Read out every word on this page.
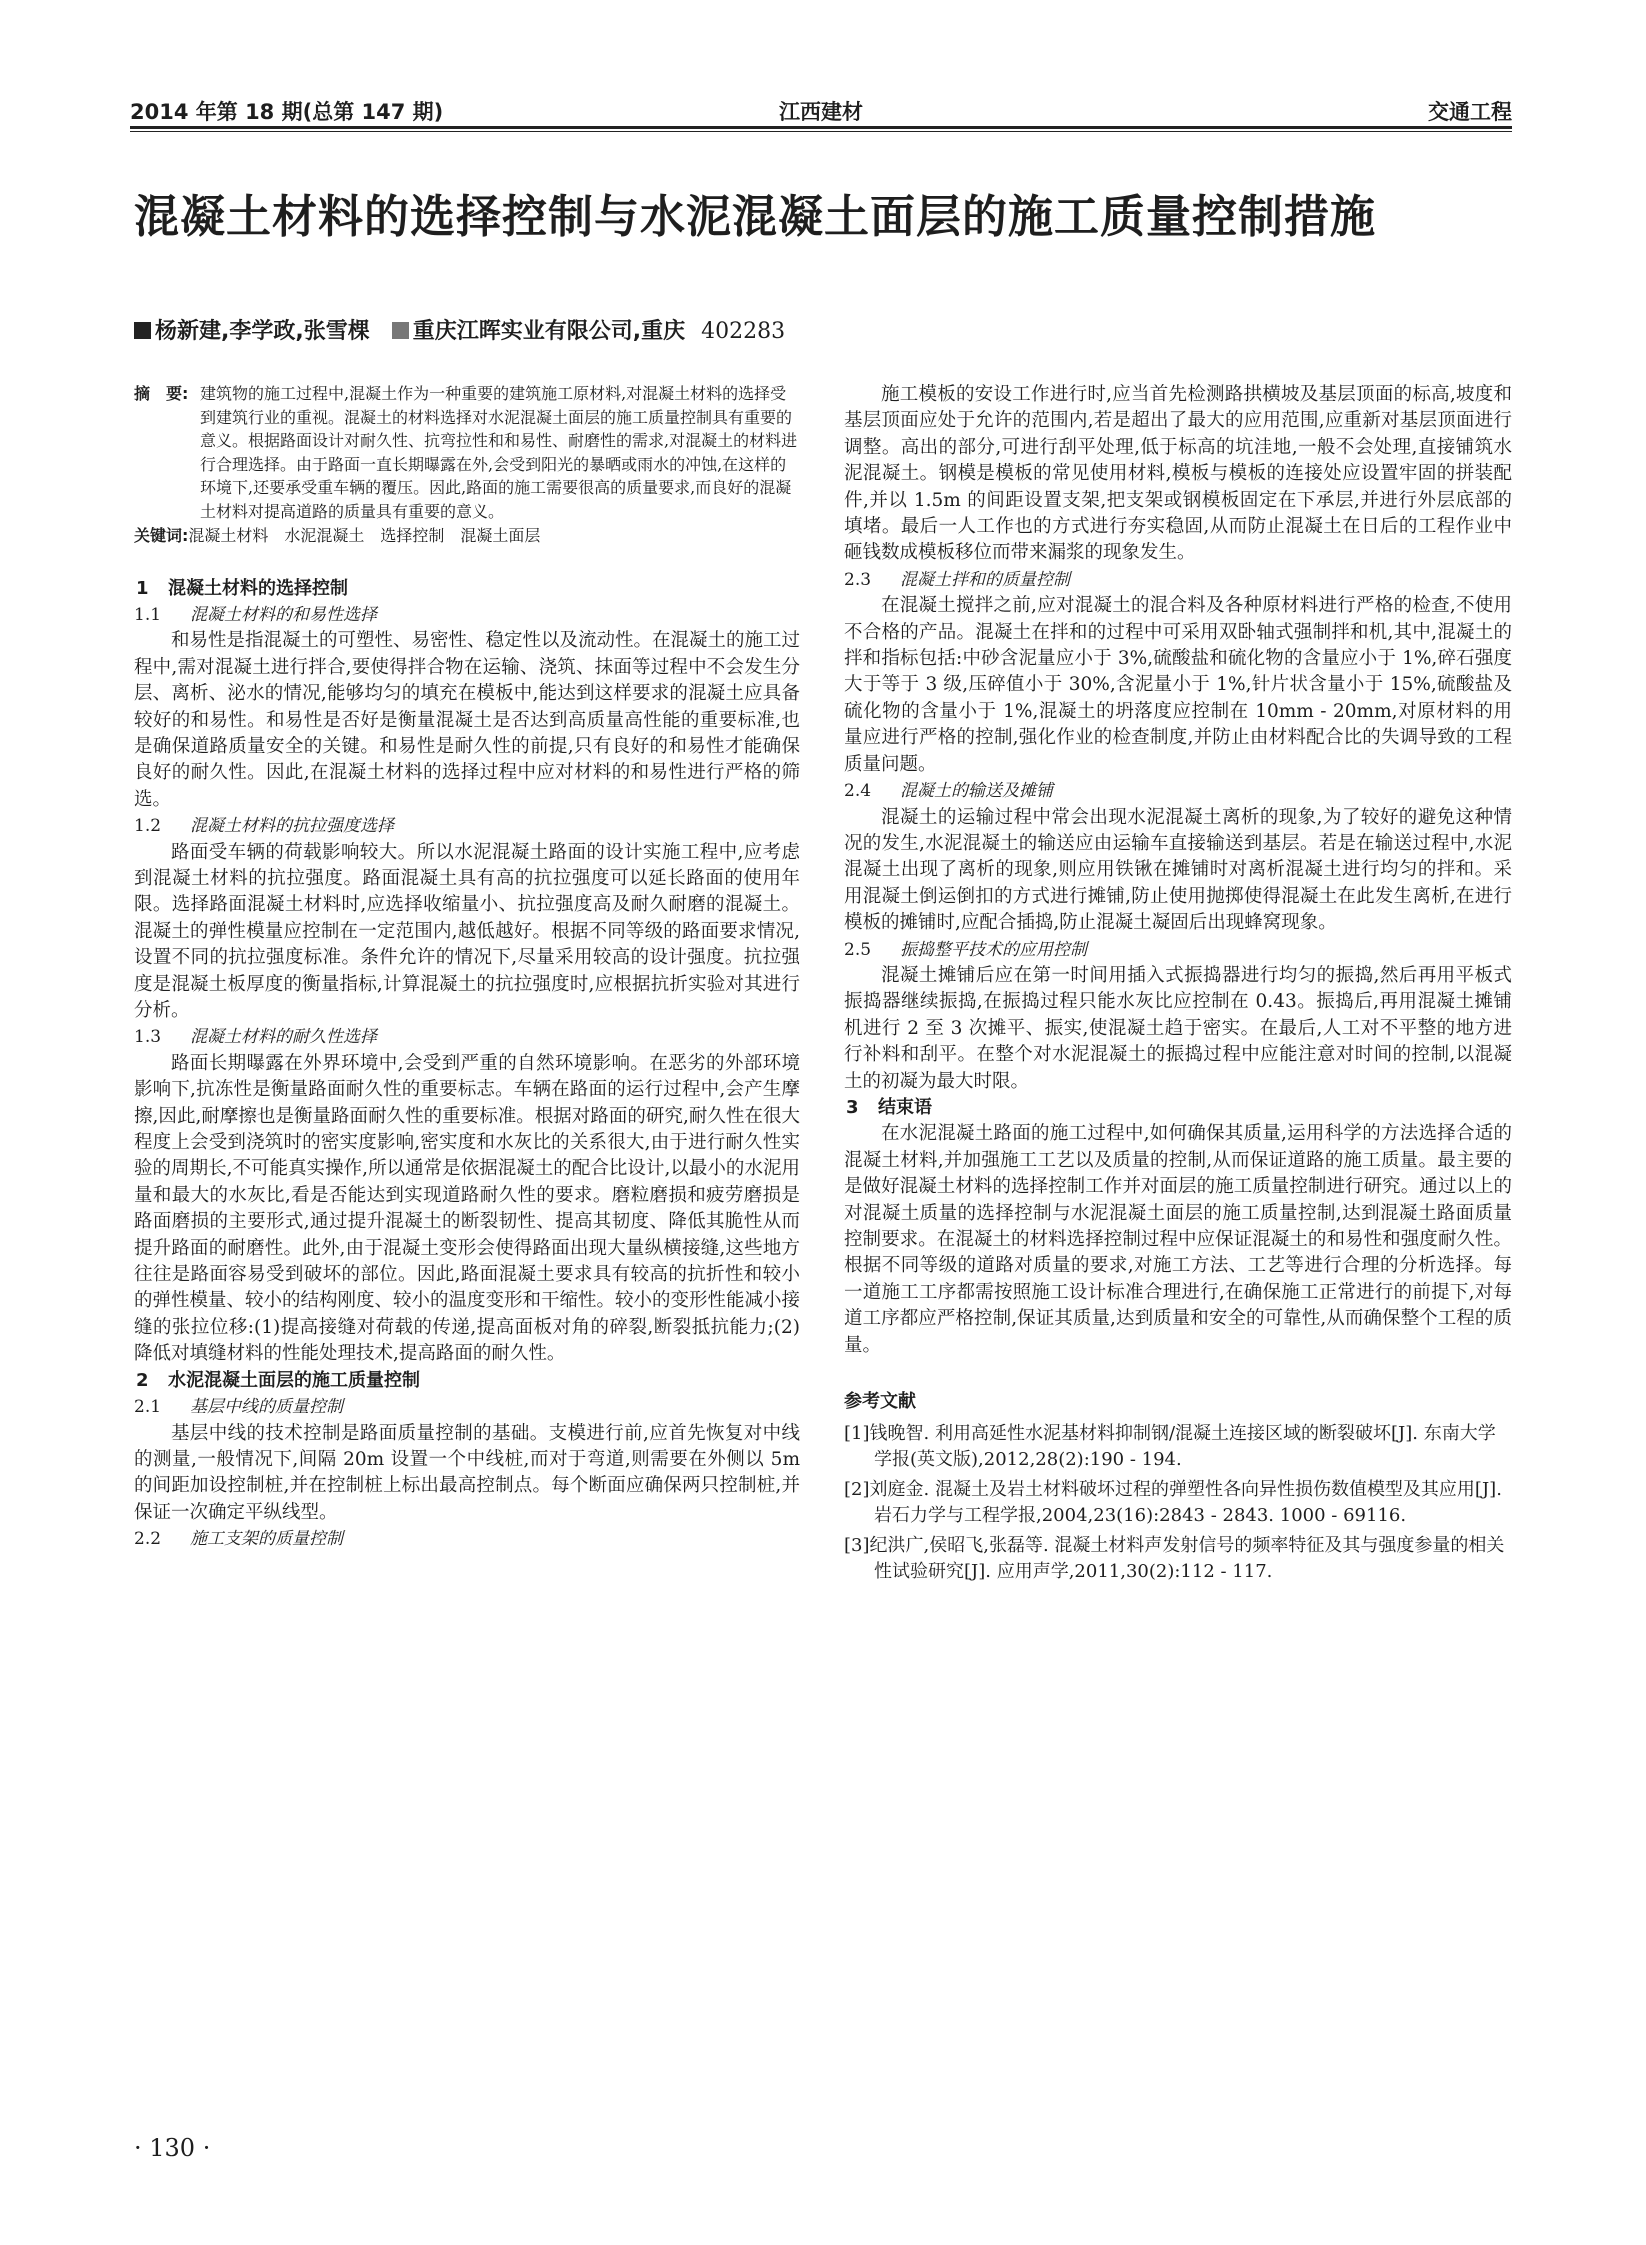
2014 年第 18 期(总第 147 期)	江西建材	交通工程
混凝土材料的选择控制与水泥混凝土面层的施工质量控制措施
杨新建,李学政,张雪棵 重庆江晖实业有限公司,重庆 402283
摘　要: 建筑物的施工过程中,混凝土作为一种重要的建筑施工原材料,对混凝土材料的选择受到建筑行业的重视。混凝土的材料选择对水泥混凝土面层的施工质量控制具有重要的意义。根据路面设计对耐久性、抗弯拉性和和易性、耐磨性的需求,对混凝土的材料进行合理选择。由于路面一直长期曝露在外,会受到阳光的暴晒或雨水的冲蚀,在这样的环境下,还要承受重车辆的覆压。因此,路面的施工需要很高的质量要求,而良好的混凝土材料对提高道路的质量具有重要的意义。
关键词:混凝土材料　水泥混凝土　选择控制　混凝土面层

1 混凝土材料的选择控制

1.1 混凝土材料的和易性选择

和易性是指混凝土的可塑性、易密性、稳定性以及流动性。在混凝土的施工过程中,需对混凝土进行拌合,要使得拌合物在运输、浇筑、抹面等过程中不会发生分层、离析、泌水的情况,能够均匀的填充在模板中,能达到这样要求的混凝土应具备较好的和易性。和易性是否好是衡量混凝土是否达到高质量高性能的重要标准,也是确保道路质量安全的关键。和易性是耐久性的前提,只有良好的和易性才能确保良好的耐久性。因此,在混凝土材料的选择过程中应对材料的和易性进行严格的筛选。

1.2 混凝土材料的抗拉强度选择

路面受车辆的荷载影响较大。所以水泥混凝土路面的设计实施工程中,应考虑到混凝土材料的抗拉强度。路面混凝土具有高的抗拉强度可以延长路面的使用年限。选择路面混凝土材料时,应选择收缩量小、抗拉强度高及耐久耐磨的混凝土。混凝土的弹性模量应控制在一定范围内,越低越好。根据不同等级的路面要求情况,设置不同的抗拉强度标准。条件允许的情况下,尽量采用较高的设计强度。抗拉强度是混凝土板厚度的衡量指标,计算混凝土的抗拉强度时,应根据抗折实验对其进行分析。

1.3 混凝土材料的耐久性选择

路面长期曝露在外界环境中,会受到严重的自然环境影响。在恶劣的外部环境影响下,抗冻性是衡量路面耐久性的重要标志。车辆在路面的运行过程中,会产生摩擦,因此,耐摩擦也是衡量路面耐久性的重要标准。根据对路面的研究,耐久性在很大程度上会受到浇筑时的密实度影响,密实度和水灰比的关系很大,由于进行耐久性实验的周期长,不可能真实操作,所以通常是依据混凝土的配合比设计,以最小的水泥用量和最大的水灰比,看是否能达到实现道路耐久性的要求。磨粒磨损和疲劳磨损是路面磨损的主要形式,通过提升混凝土的断裂韧性、提高其韧度、降低其脆性从而提升路面的耐磨性。此外,由于混凝土变形会使得路面出现大量纵横接缝,这些地方往往是路面容易受到破坏的部位。因此,路面混凝土要求具有较高的抗折性和较小的弹性模量、较小的结构刚度、较小的温度变形和干缩性。较小的变形性能减小接缝的张拉位移:(1)提高接缝对荷载的传递,提高面板对角的碎裂,断裂抵抗能力;(2)降低对填缝材料的性能处理技术,提高路面的耐久性。

2 水泥混凝土面层的施工质量控制

2.1 基层中线的质量控制

基层中线的技术控制是路面质量控制的基础。支模进行前,应首先恢复对中线的测量,一般情况下,间隔 20m 设置一个中线桩,而对于弯道,则需要在外侧以 5m 的间距加设控制桩,并在控制桩上标出最高控制点。每个断面应确保两只控制桩,并保证一次确定平纵线型。

2.2 施工支架的质量控制

施工模板的安设工作进行时,应当首先检测路拱横坡及基层顶面的标高,坡度和基层顶面应处于允许的范围内,若是超出了最大的应用范围,应重新对基层顶面进行调整。高出的部分,可进行刮平处理,低于标高的坑洼地,一般不会处理,直接铺筑水泥混凝土。钢模是模板的常见使用材料,模板与模板的连接处应设置牢固的拼装配件,并以 1.5m 的间距设置支架,把支架或钢模板固定在下承层,并进行外层底部的填堵。最后一人工作也的方式进行夯实稳固,从而防止混凝土在日后的工程作业中砸钱数成模板移位而带来漏浆的现象发生。

2.3 混凝土拌和的质量控制

在混凝土搅拌之前,应对混凝土的混合料及各种原材料进行严格的检查,不使用不合格的产品。混凝土在拌和的过程中可采用双卧轴式强制拌和机,其中,混凝土的拌和指标包括:中砂含泥量应小于 3%,硫酸盐和硫化物的含量应小于 1%,碎石强度大于等于 3 级,压碎值小于 30%,含泥量小于 1%,针片状含量小于 15%,硫酸盐及硫化物的含量小于 1%,混凝土的坍落度应控制在 10mm - 20mm,对原材料的用量应进行严格的控制,强化作业的检查制度,并防止由材料配合比的失调导致的工程质量问题。

2.4 混凝土的输送及摊铺

混凝土的运输过程中常会出现水泥混凝土离析的现象,为了较好的避免这种情况的发生,水泥混凝土的输送应由运输车直接输送到基层。若是在输送过程中,水泥混凝土出现了离析的现象,则应用铁锹在摊铺时对离析混凝土进行均匀的拌和。采用混凝土倒运倒扣的方式进行摊铺,防止使用抛掷使得混凝土在此发生离析,在进行模板的摊铺时,应配合插捣,防止混凝土凝固后出现蜂窝现象。

2.5 振捣整平技术的应用控制

混凝土摊铺后应在第一时间用插入式振捣器进行均匀的振捣,然后再用平板式振捣器继续振捣,在振捣过程只能水灰比应控制在 0.43。振捣后,再用混凝土摊铺机进行 2 至 3 次摊平、振实,使混凝土趋于密实。在最后,人工对不平整的地方进行补料和刮平。在整个对水泥混凝土的振捣过程中应能注意对时间的控制,以混凝土的初凝为最大时限。

3 结束语

在水泥混凝土路面的施工过程中,如何确保其质量,运用科学的方法选择合适的混凝土材料,并加强施工工艺以及质量的控制,从而保证道路的施工质量。最主要的是做好混凝土材料的选择控制工作并对面层的施工质量控制进行研究。通过以上的对混凝土质量的选择控制与水泥混凝土面层的施工质量控制,达到混凝土路面质量控制要求。在混凝土的材料选择控制过程中应保证混凝土的和易性和强度耐久性。根据不同等级的道路对质量的要求,对施工方法、工艺等进行合理的分析选择。每一道施工工序都需按照施工设计标准合理进行,在确保施工正常进行的前提下,对每道工序都应严格控制,保证其质量,达到质量和安全的可靠性,从而确保整个工程的质量。

参考文献

[1]钱晚智. 利用高延性水泥基材料抑制钢/混凝土连接区域的断裂破坏[J]. 东南大学学报(英文版),2012,28(2):190 - 194.

[2]刘庭金. 混凝土及岩土材料破坏过程的弹塑性各向异性损伤数值模型及其应用[J]. 岩石力学与工程学报,2004,23(16):2843 - 2843. 1000 - 69116.

[3]纪洪广,侯昭飞,张磊等. 混凝土材料声发射信号的频率特征及其与强度参量的相关性试验研究[J]. 应用声学,2011,30(2):112 - 117.

· 130 ·
